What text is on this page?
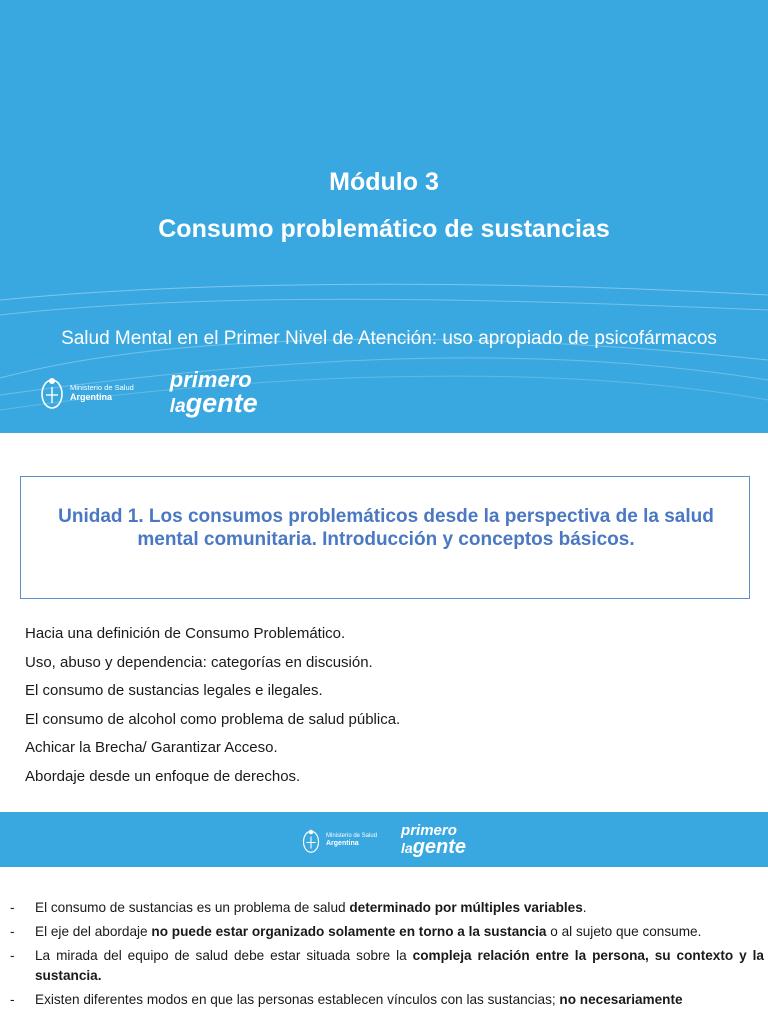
Módulo 3
Consumo problemático de sustancias
Salud Mental en el Primer Nivel de Atención: uso apropiado de psicofármacos
Ministerio de Salud
Argentina
primero
lagente
Unidad 1. Los consumos problemáticos desde la perspectiva de la salud mental comunitaria. Introducción y conceptos básicos.
Hacia una definición de Consumo Problemático.
Uso, abuso y dependencia: categorías en discusión.
El consumo de sustancias legales e ilegales.
El consumo de alcohol como problema de salud pública.
Achicar la Brecha/ Garantizar Acceso.
Abordaje desde un enfoque de derechos.
Ministerio de Salud
Argentina
primero
lagente
- El consumo de sustancias es un problema de salud determinado por múltiples variables.
- El eje del abordaje no puede estar organizado solamente en torno a la sustancia o al sujeto que consume.
- La mirada del equipo de salud debe estar situada sobre la compleja relación entre la persona, su contexto y la sustancia.
- Existen diferentes modos en que las personas establecen vínculos con las sustancias; no necesariamente
